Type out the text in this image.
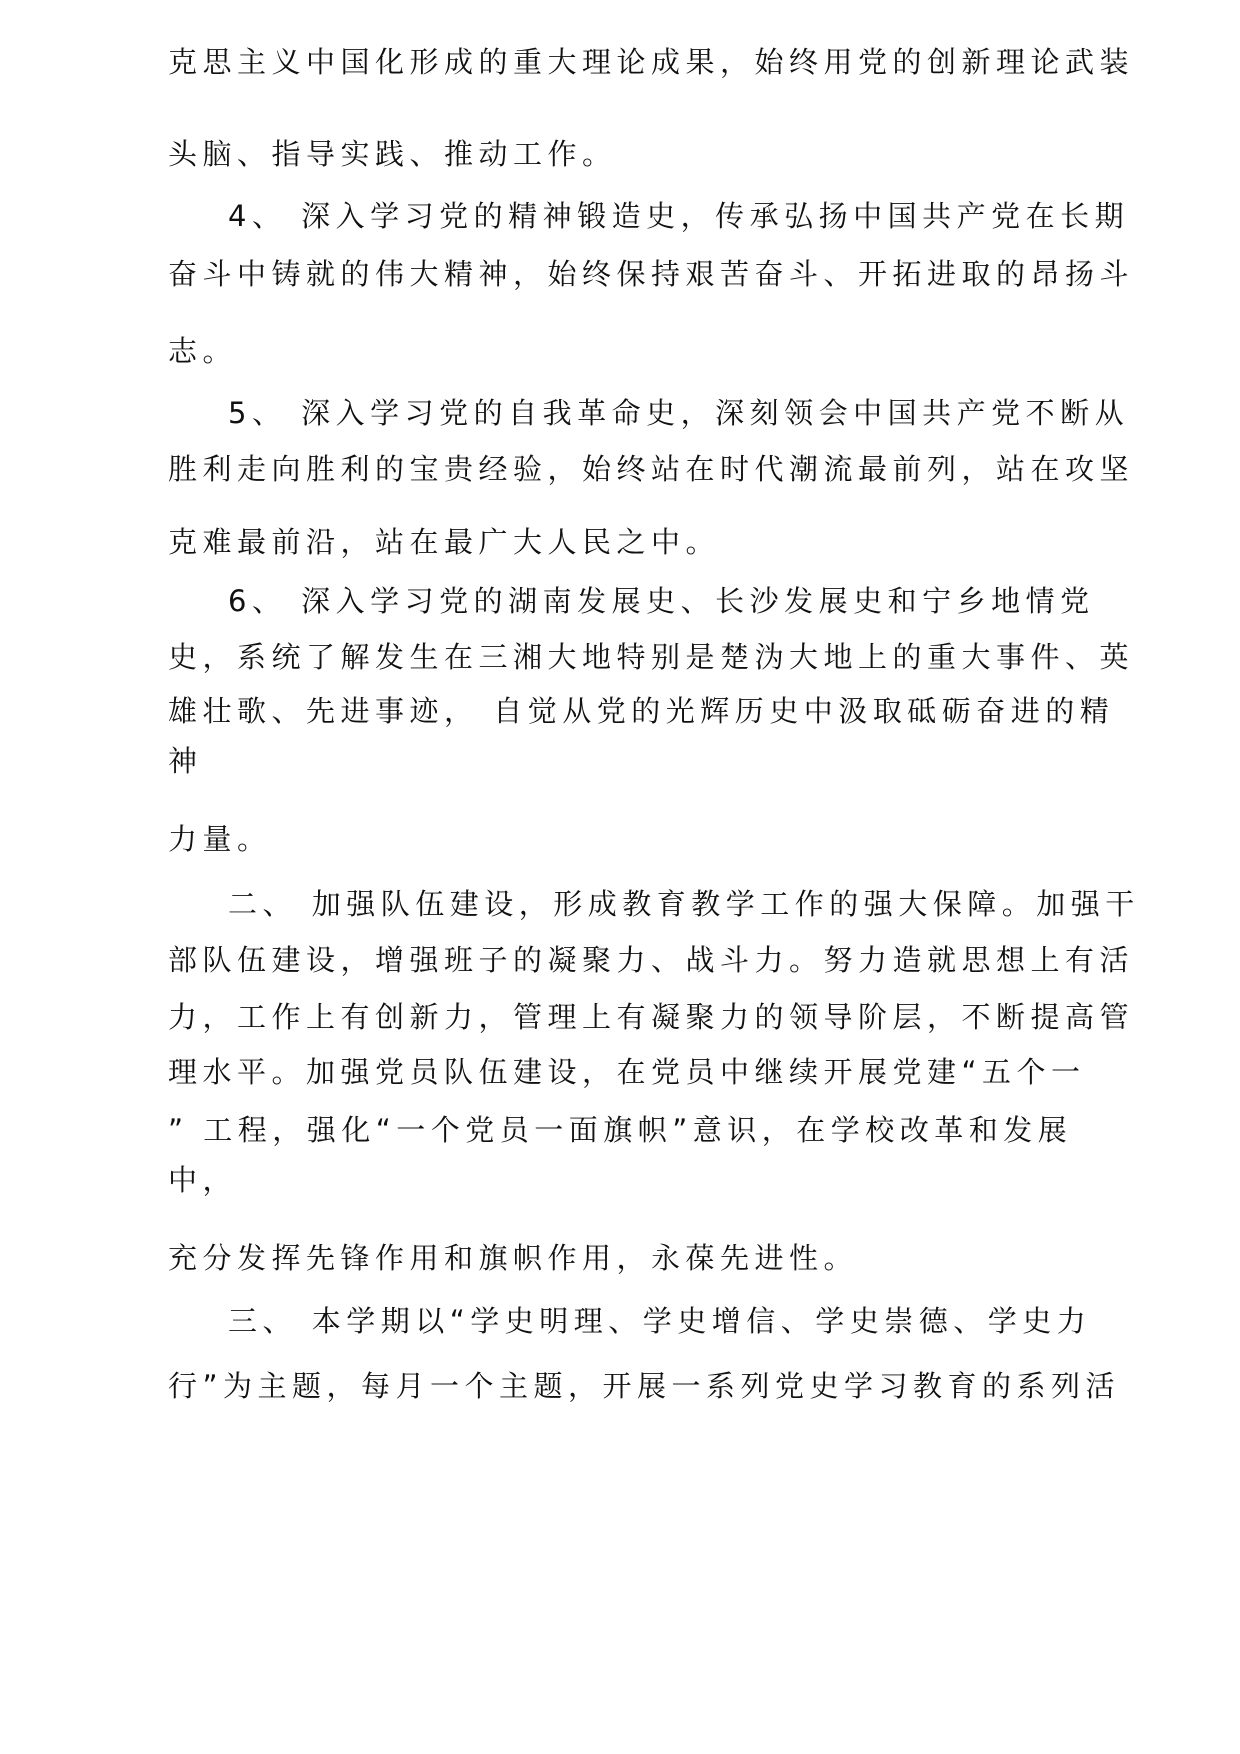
克思主义中国化形成的重大理论成果，始终用党的创新理论武装
头脑、指导实践、推动工作。
4、 深入学习党的精神锻造史，传承弘扬中国共产党在长期
奋斗中铸就的伟大精神，始终保持艰苦奋斗、开拓进取的昂扬斗
志。
5、 深入学习党的自我革命史，深刻领会中国共产党不断从
胜利走向胜利的宝贵经验，始终站在时代潮流最前列，站在攻坚
克难最前沿，站在最广大人民之中。
6、 深入学习党的湖南发展史、长沙发展史和宁乡地情党
史，系统了解发生在三湘大地特别是楚沩大地上的重大事件、英
雄壮歌、先进事迹， 自觉从党的光辉历史中汲取砥砺奋进的精
神
力量。
二、 加强队伍建设，形成教育教学工作的强大保障。加强干
部队伍建设，增强班子的凝聚力、战斗力。努力造就思想上有活
力，工作上有创新力，管理上有凝聚力的领导阶层，不断提高管
理水平。加强党员队伍建设，在党员中继续开展党建“五个一
” 工程，强化“一个党员一面旗帜”意识，在学校改革和发展
中，
充分发挥先锋作用和旗帜作用，永葆先进性。
三、 本学期以“学史明理、学史增信、学史崇德、学史力
行”为主题，每月一个主题，开展一系列党史学习教育的系列活
